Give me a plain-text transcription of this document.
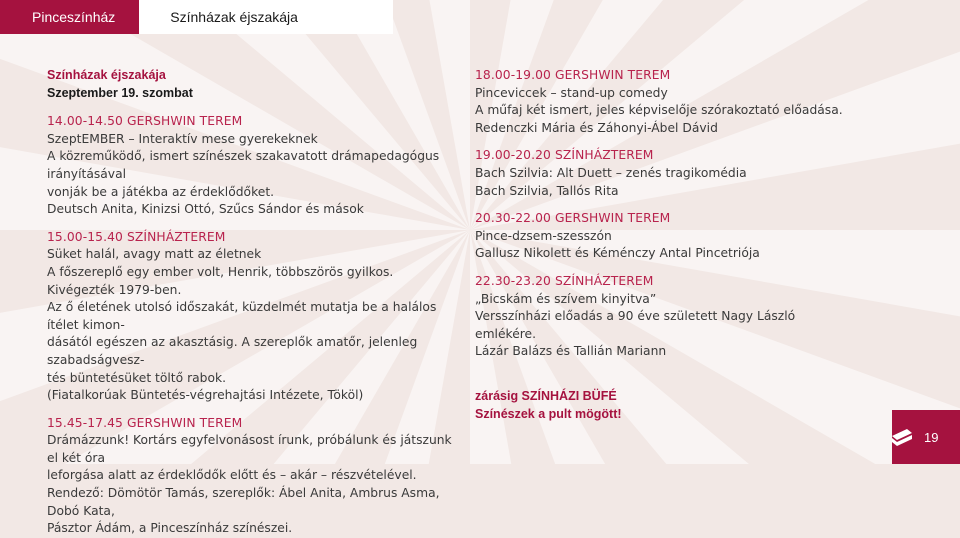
Pinceszínház	Színházak éjszakája

Színházak éjszakája

Szeptember 19. szombat

14.00-14.50 GERSHWIN TEREM

SzeptEMBER – Interaktív mese gyerekeknek

A közreműködő, ismert színészek szakavatott drámapedagógus irányításával

vonják be a játékba az érdeklődőket.

Deutsch Anita, Kinizsi Ottó, Szűcs Sándor és mások

15.00-15.40 SZÍNHÁZTEREM

Süket halál, avagy matt az életnek

A főszereplő egy ember volt, Henrik, többszörös gyilkos. Kivégezték 1979-ben.

Az ő életének utolsó időszakát, küzdelmét mutatja be a halálos ítélet kimon-

dásától egészen az akasztásig. A szereplők amatőr, jelenleg szabadságvesz-

tés büntetésüket töltő rabok.

(Fiatalkorúak Büntetés-végrehajtási Intézete, Tököl)

15.45-17.45 GERSHWIN TEREM

Drámázzunk! Kortárs egyfelvonásost írunk, próbálunk és játszunk el két óra

leforgása alatt az érdeklődők előtt és – akár – részvételével.

Rendező: Dömötör Tamás, szereplők: Ábel Anita, Ambrus Asma, Dobó Kata,

Pásztor Ádám, a Pinceszínház színészei.

18.00-19.00 GERSHWIN TEREM

Pinceviccek – stand-up comedy

A műfaj két ismert, jeles képviselője szórakoztató előadása.

Redenczki Mária és Záhonyi-Ábel Dávid

19.00-20.20 SZÍNHÁZTEREM

Bach Szilvia: Alt Duett – zenés tragikomédia

Bach Szilvia, Tallós Rita

20.30-22.00 GERSHWIN TEREM

Pince-dzsem-szesszón

Gallusz Nikolett és Kéménczy Antal Pincetriója

22.30-23.20 SZÍNHÁZTEREM

„Bicskám és szívem kinyitva”

Versszínházi előadás a 90 éve született Nagy László emlékére.

Lázár Balázs és Tallián Mariann

zárásig SZÍNHÁZI BÜFÉ

Színészek a pult mögött!

19
